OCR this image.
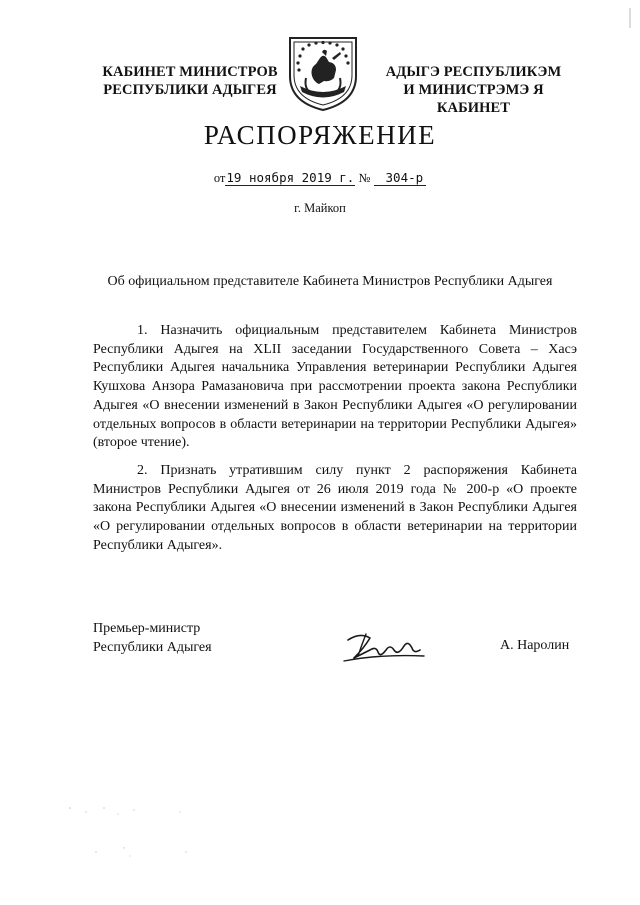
КАБИНЕТ МИНИСТРОВ
РЕСПУБЛИКИ АДЫГЕЯ
АДЫГЭ РЕСПУБЛИКЭМ
И МИНИСТРЭМЭ Я КАБИНЕТ
РАСПОРЯЖЕНИЕ
от19 ноября 2019 г. № 304-р
г. Майкоп
Об официальном представителе Кабинета Министров Республики Адыгея
1. Назначить официальным представителем Кабинета Министров Республики Адыгея на XLII заседании Государственного Совета – Хасэ Республики Адыгея начальника Управления ветеринарии Республики Адыгея Кушхова Анзора Рамазановича при рассмотрении проекта закона Республики Адыгея «О внесении изменений в Закон Республики Адыгея «О регулировании отдельных вопросов в области ветеринарии на территории Республики Адыгея» (второе чтение).
2. Признать утратившим силу пункт 2 распоряжения Кабинета Министров Республики Адыгея от 26 июля 2019 года № 200-р «О проекте закона Республики Адыгея «О внесении изменений в Закон Республики Адыгея «О регулировании отдельных вопросов в области ветеринарии на территории Республики Адыгея».
Премьер-министр
Республики Адыгея	А. Наролин
